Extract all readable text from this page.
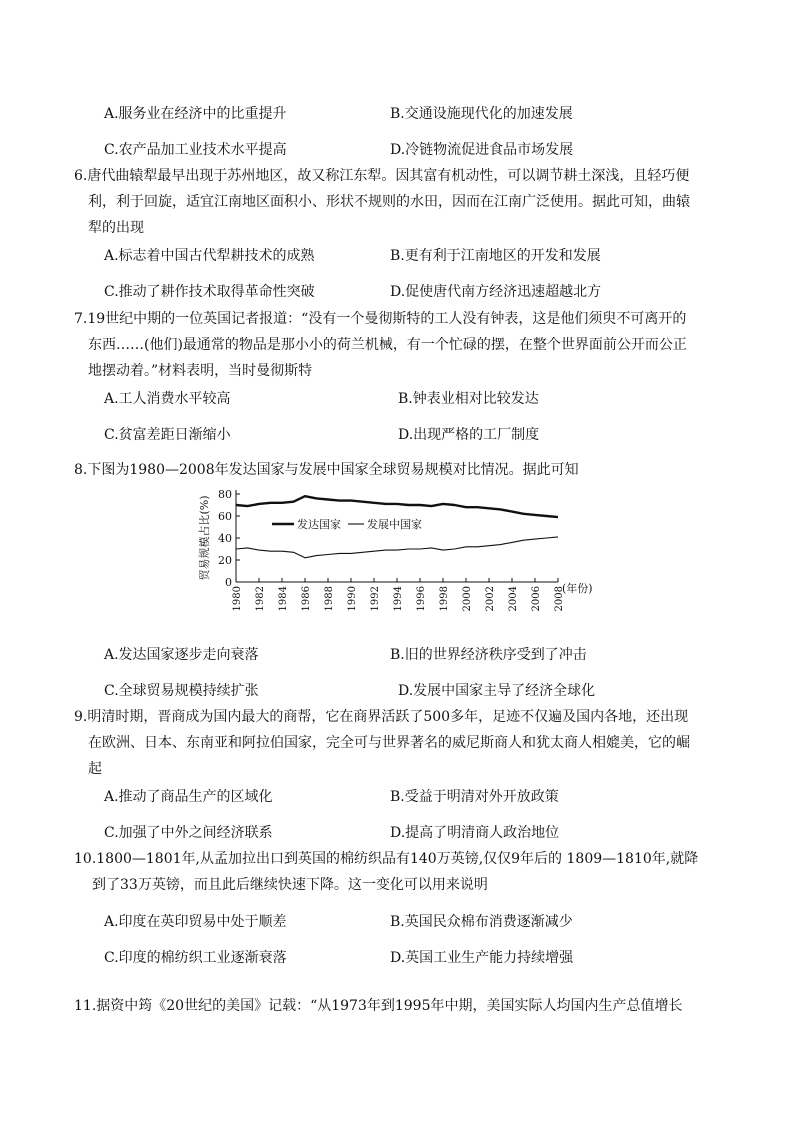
A.服务业在经济中的比重提升	B.交通设施现代化的加速发展
C.农产品加工业技术水平提高	D.冷链物流促进食品市场发展
6.唐代曲辕犁最早出现于苏州地区，故又称江东犁。因其富有机动性，可以调节耕土深浅，且轻巧便
利，利于回旋，适宜江南地区面积小、形状不规则的水田，因而在江南广泛使用。据此可知，曲辕
犁的出现
A.标志着中国古代犁耕技术的成熟	B.更有利于江南地区的开发和发展
C.推动了耕作技术取得革命性突破	D.促使唐代南方经济迅速超越北方
7.19世纪中期的一位英国记者报道：“没有一个曼彻斯特的工人没有钟表，这是他们须臾不可离开的
东西……(他们)最通常的物品是那小小的荷兰机械，有一个忙碌的摆，在整个世界面前公开而公正
地摆动着。”材料表明，当时曼彻斯特
A.工人消费水平较高	B.钟表业相对比较发达
C.贫富差距日渐缩小	D.出现严格的工厂制度
8.下图为1980—2008年发达国家与发展中国家全球贸易规模对比情况。据此可知
0
20
40
60
80
1980 1982 1984 1986 1988 1990 1992 1994 1996 1998 2000 2002 2004 2006 2008
贸易规模占比(%)
(年份)
发达国家 发展中国家
A.发达国家逐步走向衰落	B.旧的世界经济秩序受到了冲击
C.全球贸易规模持续扩张	D.发展中国家主导了经济全球化
9.明清时期，晋商成为国内最大的商帮，它在商界活跃了500多年，足迹不仅遍及国内各地，还出现
在欧洲、日本、东南亚和阿拉伯国家，完全可与世界著名的威尼斯商人和犹太商人相媲美，它的崛
起
A.推动了商品生产的区域化	B.受益于明清对外开放政策
C.加强了中外之间经济联系	D.提高了明清商人政治地位
10.1800—1801年,从孟加拉出口到英国的棉纺织品有140万英镑,仅仅9年后的 1809—1810年,就降
到了33万英镑，而且此后继续快速下降。这一变化可以用来说明
A.印度在英印贸易中处于顺差	B.英国民众棉布消费逐渐减少
C.印度的棉纺织工业逐渐衰落	D.英国工业生产能力持续增强
11.据资中筠《20世纪的美国》记载：“从1973年到1995年中期，美国实际人均国内生产总值增长
